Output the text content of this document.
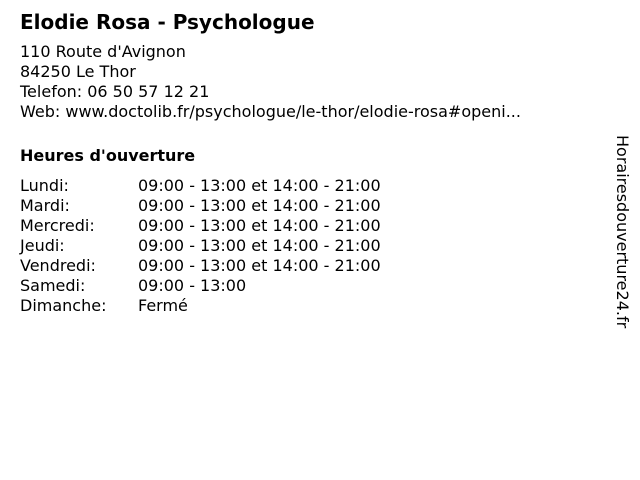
Elodie Rosa - Psychologue
110 Route d'Avignon
84250 Le Thor
Telefon: 06 50 57 12 21
Web: www.doctolib.fr/psychologue/le-thor/elodie-rosa#openi...
Heures d'ouverture
Lundi:	09:00 - 13:00 et 14:00 - 21:00
Mardi:	09:00 - 13:00 et 14:00 - 21:00
Mercredi:	09:00 - 13:00 et 14:00 - 21:00
Jeudi:	09:00 - 13:00 et 14:00 - 21:00
Vendredi:	09:00 - 13:00 et 14:00 - 21:00
Samedi:	09:00 - 13:00
Dimanche:	Fermé	Horairesdouverture24.fr
